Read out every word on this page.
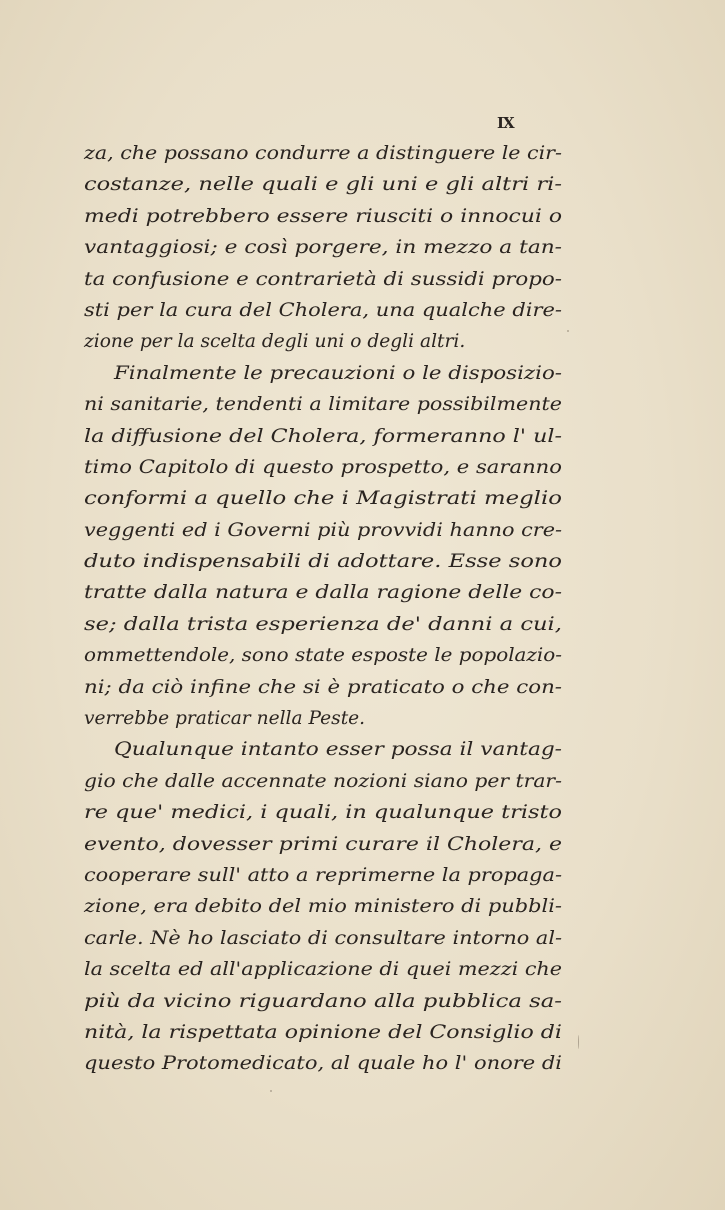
IX
za, che possano condurre a distinguere le cir-
costanze, nelle quali e gli uni e gli altri ri-
medi potrebbero essere riusciti o innocui o
vantaggiosi; e così porgere, in mezzo a tan-
ta confusione e contrarietà di sussidi propo-
sti per la cura del Cholera, una qualche dire-
zione per la scelta degli uni o degli altri.
Finalmente le precauzioni o le disposizio-
ni sanitarie, tendenti a limitare possibilmente
la diffusione del Cholera, formeranno l' ul-
timo Capitolo di questo prospetto, e saranno
conformi a quello che i Magistrati meglio
veggenti ed i Governi più provvidi hanno cre-
duto indispensabili di adottare. Esse sono
tratte dalla natura e dalla ragione delle co-
se; dalla trista esperienza de' danni a cui,
ommettendole, sono state esposte le popolazio-
ni; da ciò infine che si è praticato o che con-
verrebbe praticar nella Peste.
Qualunque intanto esser possa il vantag-
gio che dalle accennate nozioni siano per trar-
re que' medici, i quali, in qualunque tristo
evento, dovesser primi curare il Cholera, e
cooperare sull' atto a reprimerne la propaga-
zione, era debito del mio ministero di pubbli-
carle. Nè ho lasciato di consultare intorno al-
la scelta ed all'applicazione di quei mezzi che
più da vicino riguardano alla pubblica sa-
nità, la rispettata opinione del Consiglio di
questo Protomedicato, al quale ho l' onore di
